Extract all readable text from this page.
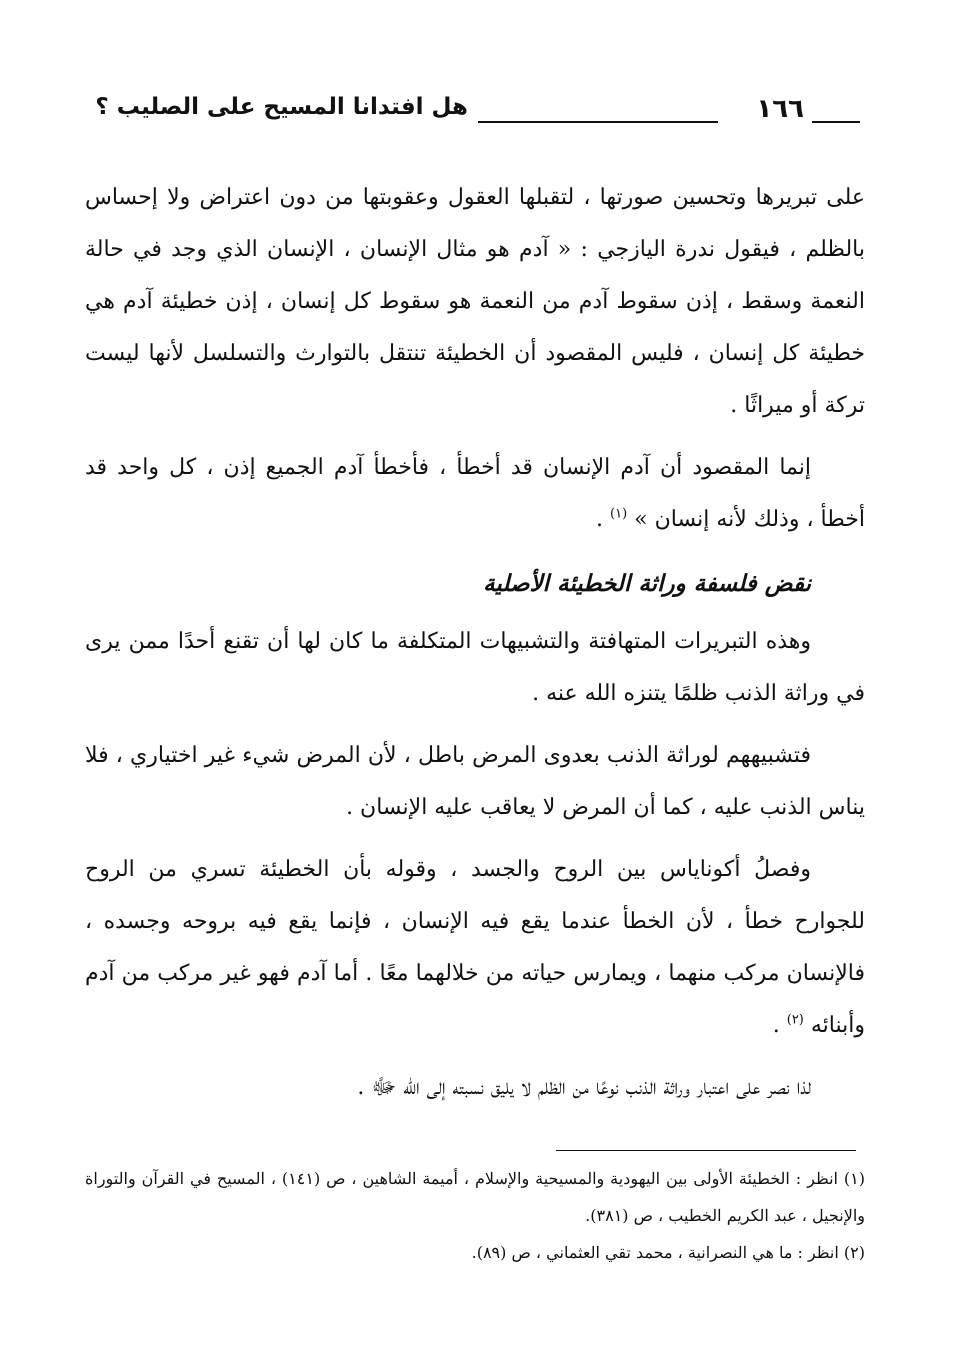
١٦٦
هل افتدانا المسيح على الصليب ؟

على تبريرها وتحسين صورتها ، لتقبلها العقول وعقوبتها من دون اعتراض ولا إحساس بالظلم ، فيقول ندرة اليازجي : « آدم هو مثال الإنسان ، الإنسان الذي وجد في حالة النعمة وسقط ، إذن سقوط آدم من النعمة هو سقوط كل إنسان ، إذن خطيئة آدم هي خطيئة كل إنسان ، فليس المقصود أن الخطيئة تنتقل بالتوارث والتسلسل لأنها ليست تركة أو ميراثًا .

إنما المقصود أن آدم الإنسان قد أخطأ ، فأخطأ آدم الجميع إذن ، كل واحد قد أخطأ ، وذلك لأنه إنسان » $^{(١)}$ .

نقض فلسفة وراثة الخطيئة الأصلية

وهذه التبريرات المتهافتة والتشبيهات المتكلفة ما كان لها أن تقنع أحدًا ممن يرى في وراثة الذنب ظلمًا يتنزه الله عنه .

فتشبيههم لوراثة الذنب بعدوى المرض باطل ، لأن المرض شيء غير اختياري ، فلا يناس الذنب عليه ، كما أن المرض لا يعاقب عليه الإنسان .

وفصلُ أكوناياس بين الروح والجسد ، وقوله بأن الخطيئة تسري من الروح للجوارح خطأ ، لأن الخطأ عندما يقع فيه الإنسان ، فإنما يقع فيه بروحه وجسده ، فالإنسان مركب منهما ، ويمارس حياته من خلالهما معًا . أما آدم فهو غير مركب من آدم وأبنائه $^{(٢)}$ .

لذا نصر على اعتبار وراثة الذنب نوعًا من الظلم لا يليق نسبته إلى الله ﷻ .

(١) انظر : الخطيئة الأولى بين اليهودية والمسيحية والإسلام ، أميمة الشاهين ، ص (١٤١) ، المسيح في القرآن والتوراة والإنجيل ، عبد الكريم الخطيب ، ص (٣٨١).

(٢) انظر : ما هي النصرانية ، محمد تقي العثماني ، ص (٨٩).
